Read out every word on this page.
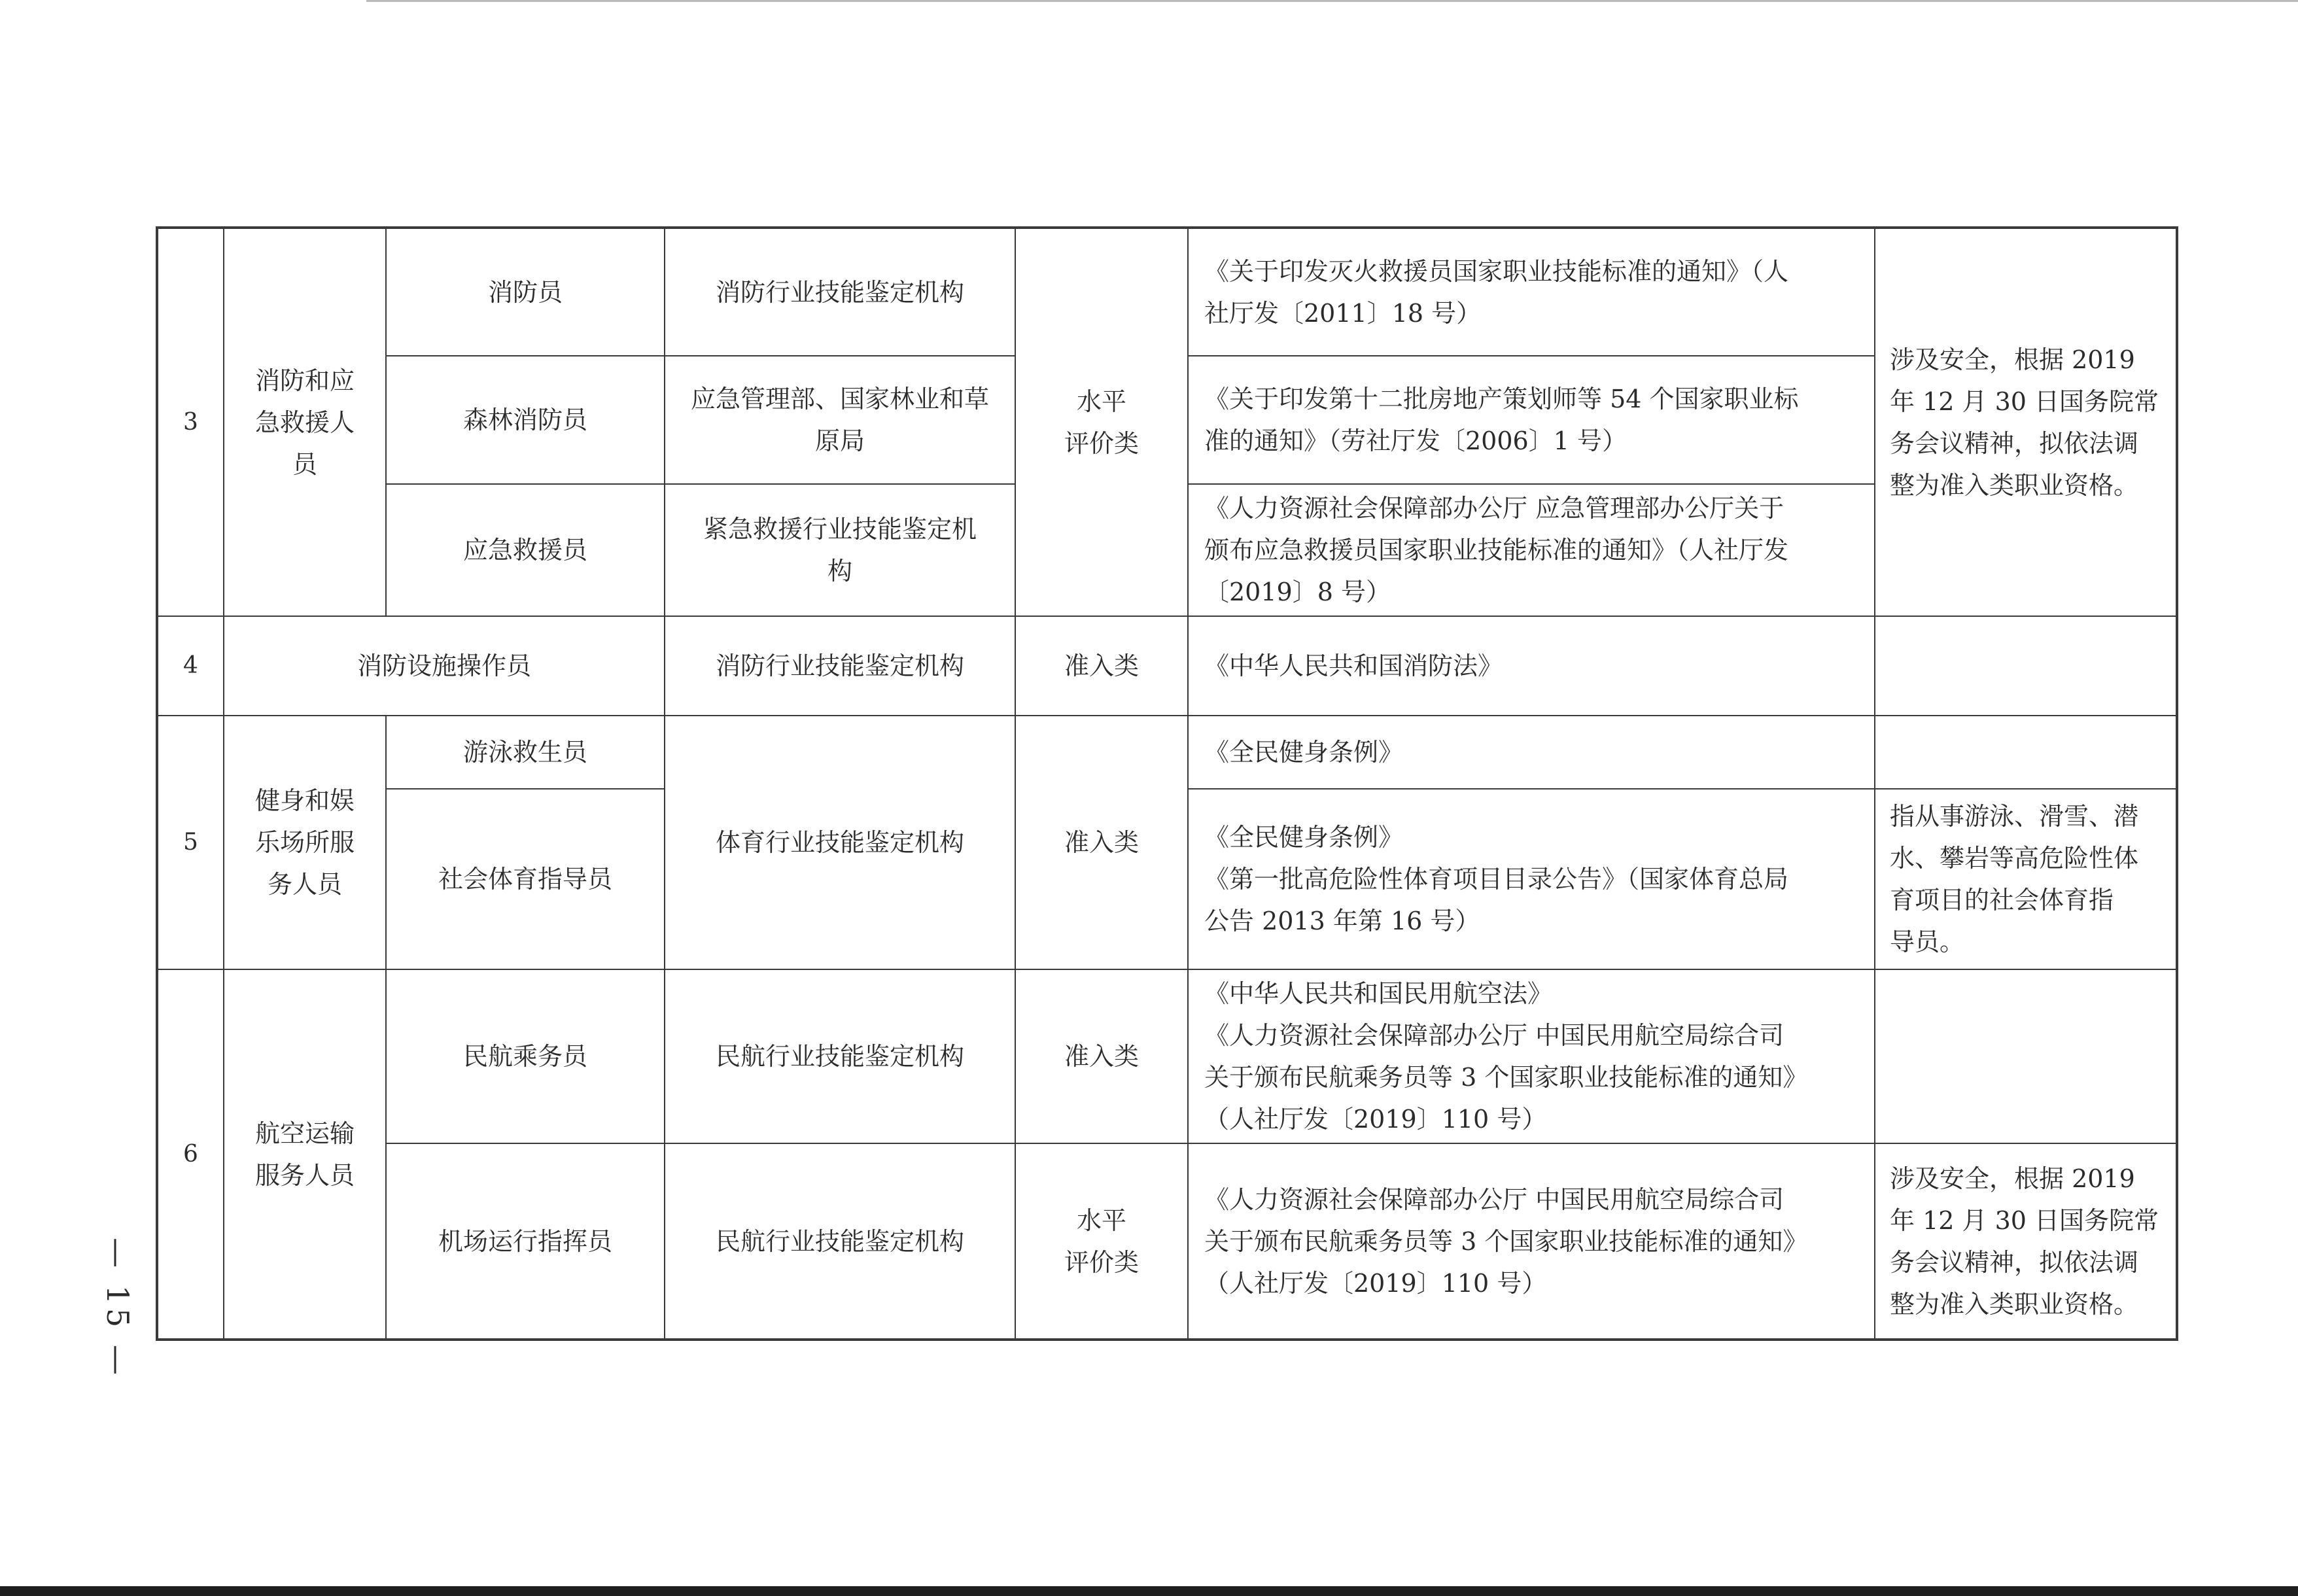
3	消防和应
急救援人
员	消防员	消防行业技能鉴定机构	水平
评价类	《关于印发灭火救援员国家职业技能标准的通知》（人
社厅发〔2011〕18 号）	涉及安全，根据 2019
年 12 月 30 日国务院常
务会议精神，拟依法调
整为准入类职业资格。

		森林消防员	应急管理部、国家林业和草
原局		《关于印发第十二批房地产策划师等 54 个国家职业标
准的通知》（劳社厅发〔2006〕1 号）	

		应急救援员	紧急救援行业技能鉴定机
构		《人力资源社会保障部办公厅 应急管理部办公厅关于
颁布应急救援员国家职业技能标准的通知》（人社厅发
〔2019〕8 号）	

4	消防设施操作员		消防行业技能鉴定机构	准入类	《中华人民共和国消防法》	
5	健身和娱
乐场所服
务人员	游泳救生员	体育行业技能鉴定机构	准入类	《全民健身条例》	

		社会体育指导员			《全民健身条例》
《第一批高危险性体育项目目录公告》（国家体育总局
公告 2013 年第 16 号）	指从事游泳、滑雪、潜
水、攀岩等高危险性体
育项目的社会体育指
导员。

6	航空运输
服务人员	民航乘务员	民航行业技能鉴定机构	准入类	《中华人民共和国民用航空法》
《人力资源社会保障部办公厅 中国民用航空局综合司
关于颁布民航乘务员等 3 个国家职业技能标准的通知》
（人社厅发〔2019〕110 号）	

		机场运行指挥员	民航行业技能鉴定机构	水平
评价类	《人力资源社会保障部办公厅 中国民用航空局综合司
关于颁布民航乘务员等 3 个国家职业技能标准的通知》
（人社厅发〔2019〕110 号）	涉及安全，根据 2019
年 12 月 30 日国务院常
务会议精神，拟依法调
整为准入类职业资格。
— 15 —
